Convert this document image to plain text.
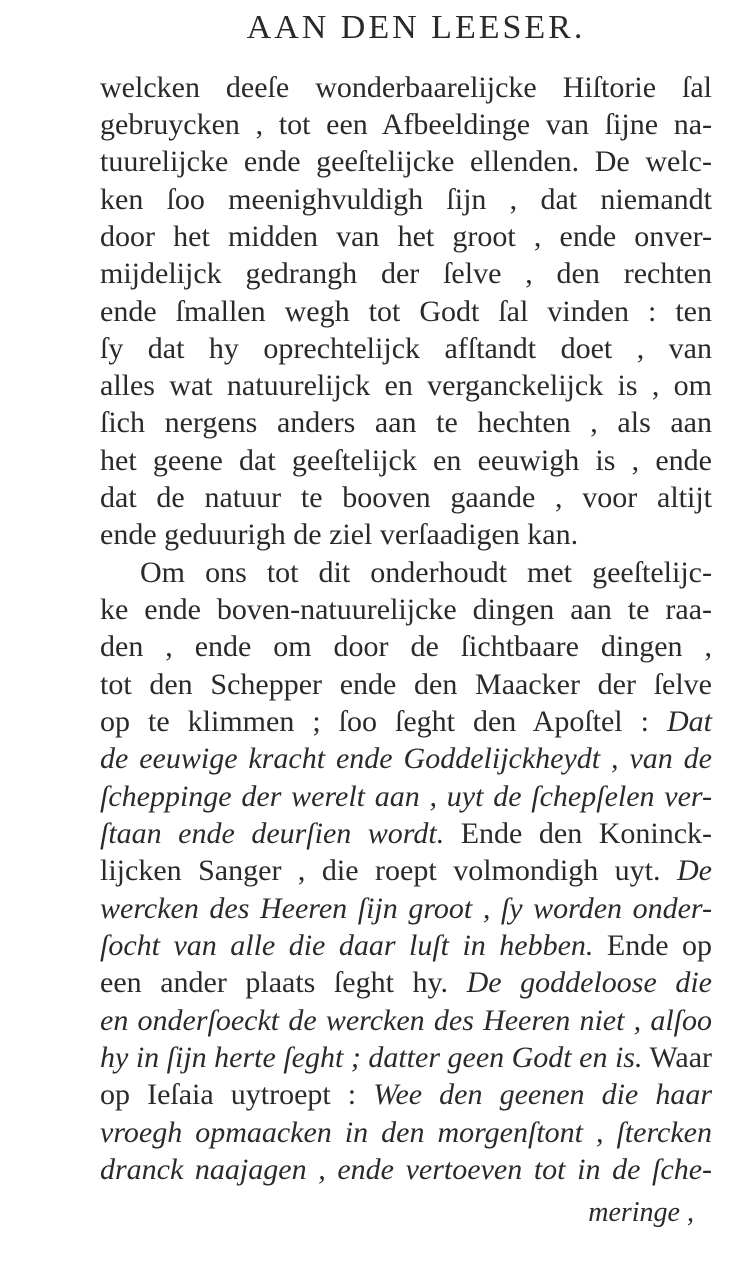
AAN DEN LEESER.
welcken deeſe wonderbaarelijcke Hiſtorie ſal
gebruycken , tot een Afbeeldinge van ſijne na-
tuurelijcke ende geeſtelijcke ellenden. De welc-
ken ſoo meenighvuldigh ſijn , dat niemandt
door het midden van het groot , ende onver-
mijdelijck gedrangh der ſelve , den rechten
ende ſmallen wegh tot Godt ſal vinden : ten
ſy dat hy oprechtelijck afſtandt doet , van
alles wat natuurelijck en verganckelijck is , om
ſich nergens anders aan te hechten , als aan
het geene dat geeſtelijck en eeuwigh is , ende
dat de natuur te booven gaande , voor altijt
ende geduurigh de ziel verſaadigen kan.
Om ons tot dit onderhoudt met geeſtelijc-
ke ende boven-natuurelijcke dingen aan te raa-
den , ende om door de ſichtbaare dingen ,
tot den Schepper ende den Maacker der ſelve
op te klimmen ; ſoo ſeght den Apoſtel : Dat
de eeuwige kracht ende Goddelijckheydt , van de
ſcheppinge der werelt aan , uyt de ſchepſelen ver-
ſtaan ende deurſien wordt. Ende den Koninck-
lijcken Sanger , die roept volmondigh uyt. De
wercken des Heeren ſijn groot , ſy worden onder-
ſocht van alle die daar luſt in hebben. Ende op
een ander plaats ſeght hy. De goddeloose die
en onderſoeckt de wercken des Heeren niet , alſoo
hy in ſijn herte ſeght ; datter geen Godt en is. Waar
op Ieſaia uytroept : Wee den geenen die haar
vroegh opmaacken in den morgenſtont , ſtercken
dranck naajagen , ende vertoeven tot in de ſche-
meringe ,
